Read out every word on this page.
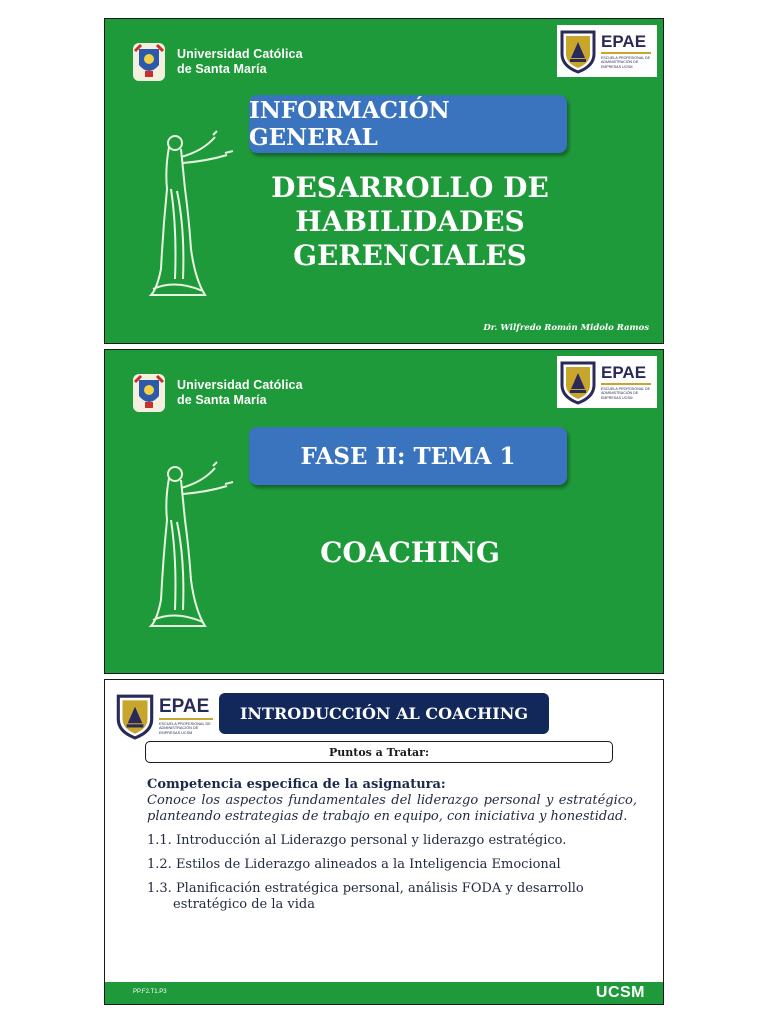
Universidad Católica
de Santa María
EPAE
ESCUELA PROFESIONAL DE ADMINISTRACIÓN DE EMPRESAS UCSM
INFORMACIÓN GENERAL
DESARROLLO DE
HABILIDADES
GERENCIALES
Dr. Wilfredo Román Midolo Ramos
Universidad Católica
de Santa María
EPAE
ESCUELA PROFESIONAL DE ADMINISTRACIÓN DE EMPRESAS UCSM
FASE II: TEMA 1
COACHING
EPAE
ESCUELA PROFESIONAL DE ADMINISTRACIÓN DE EMPRESAS UCSM
INTRODUCCIÓN AL COACHING
Puntos a Tratar:
Competencia especifica de la asignatura:
Conoce los aspectos fundamentales del liderazgo personal y estratégico, planteando estrategias de trabajo en equipo, con iniciativa y honestidad.
1.1. Introducción al Liderazgo personal y liderazgo estratégico.
1.2. Estilos de Liderazgo alineados a la Inteligencia Emocional
1.3. Planificación estratégica personal, análisis FODA y desarrollo estratégico de la vida
PP.F2.T1.P3	UCSM
